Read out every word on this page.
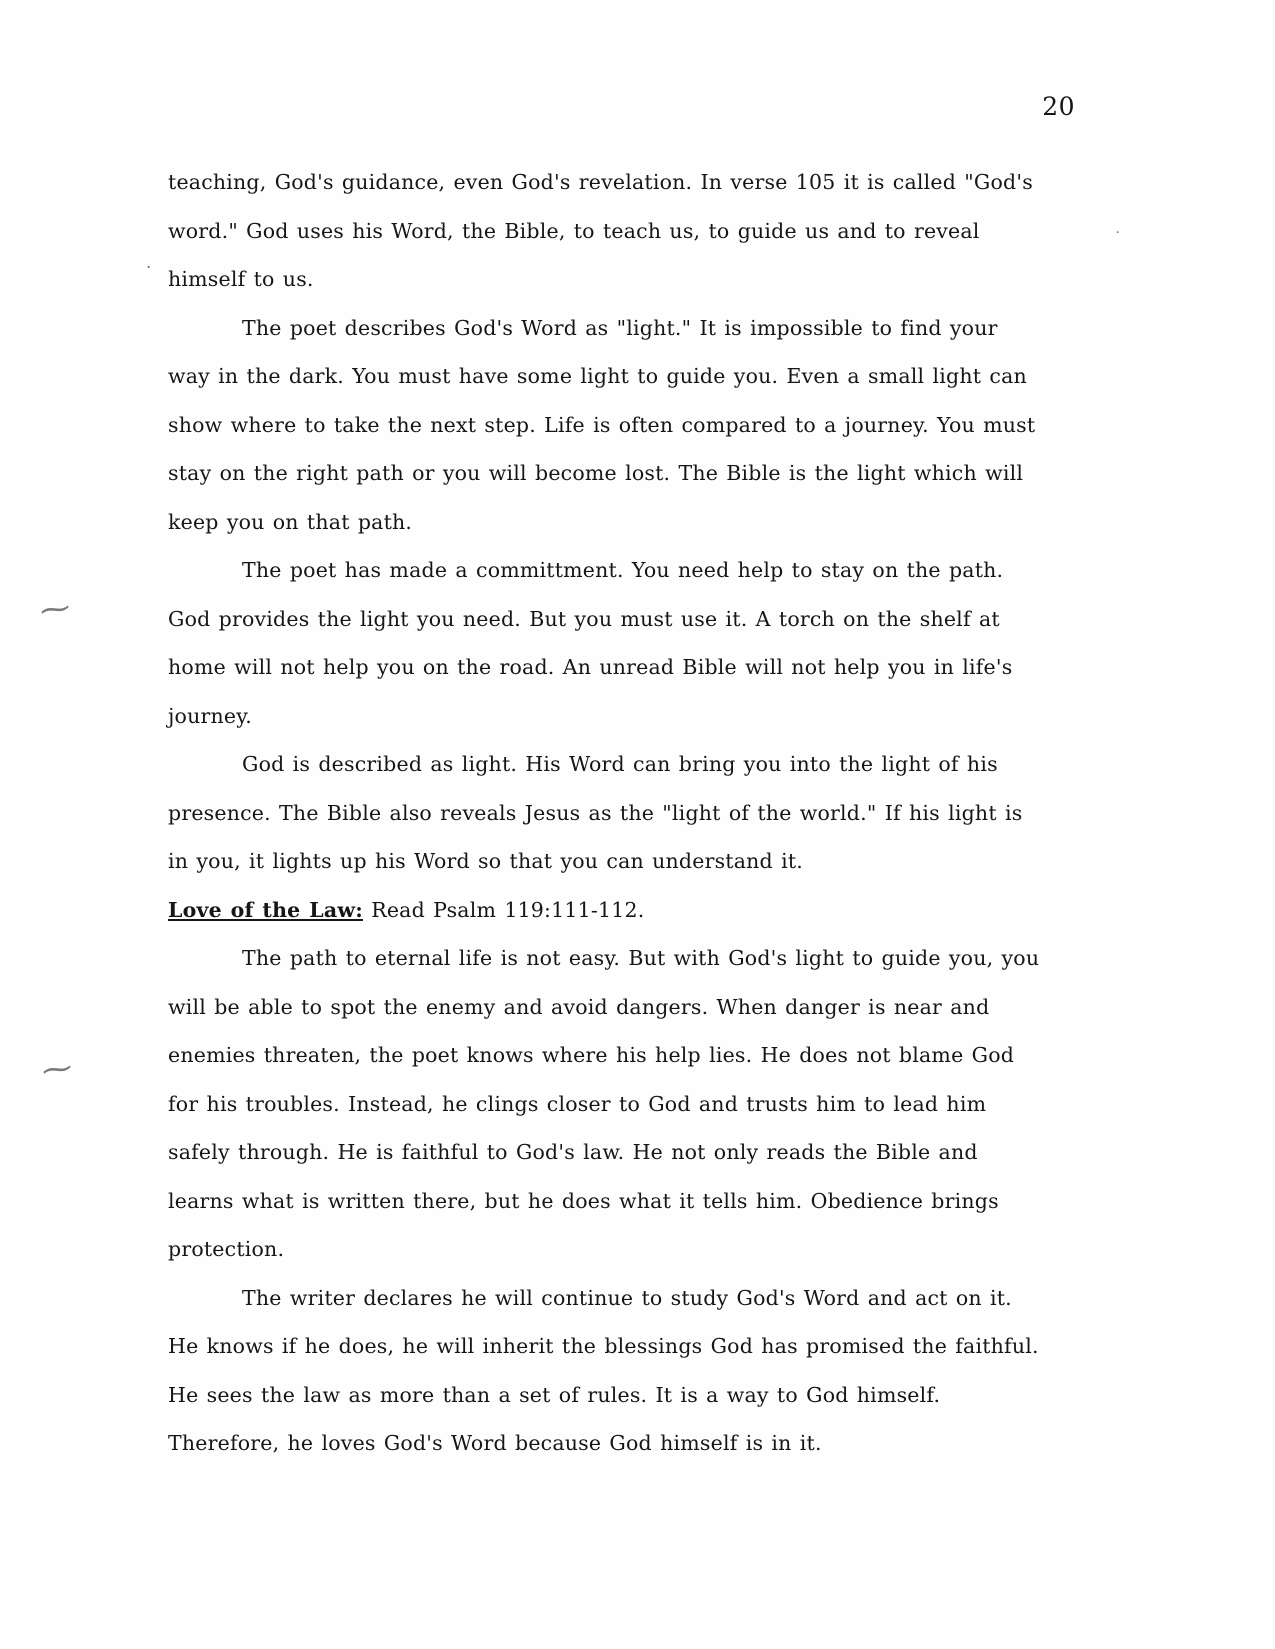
20
·
·
⁓
⁓

teaching, God's guidance, even God's revelation. In verse 105 it is called "God's word." God uses his Word, the Bible, to teach us, to guide us and to reveal himself to us.

The poet describes God's Word as "light." It is impossible to find your way in the dark. You must have some light to guide you. Even a small light can show where to take the next step. Life is often compared to a journey. You must stay on the right path or you will become lost. The Bible is the light which will keep you on that path.

The poet has made a committment. You need help to stay on the path. God provides the light you need. But you must use it. A torch on the shelf at home will not help you on the road. An unread Bible will not help you in life's journey.

God is described as light. His Word can bring you into the light of his presence. The Bible also reveals Jesus as the "light of the world." If his light is in you, it lights up his Word so that you can understand it.

Love of the Law: Read Psalm 119:111-112.

The path to eternal life is not easy. But with God's light to guide you, you will be able to spot the enemy and avoid dangers. When danger is near and enemies threaten, the poet knows where his help lies. He does not blame God for his troubles. Instead, he clings closer to God and trusts him to lead him safely through. He is faithful to God's law. He not only reads the Bible and learns what is written there, but he does what it tells him. Obedience brings protection.

The writer declares he will continue to study God's Word and act on it. He knows if he does, he will inherit the blessings God has promised the faithful. He sees the law as more than a set of rules. It is a way to God himself. Therefore, he loves God's Word because God himself is in it.
